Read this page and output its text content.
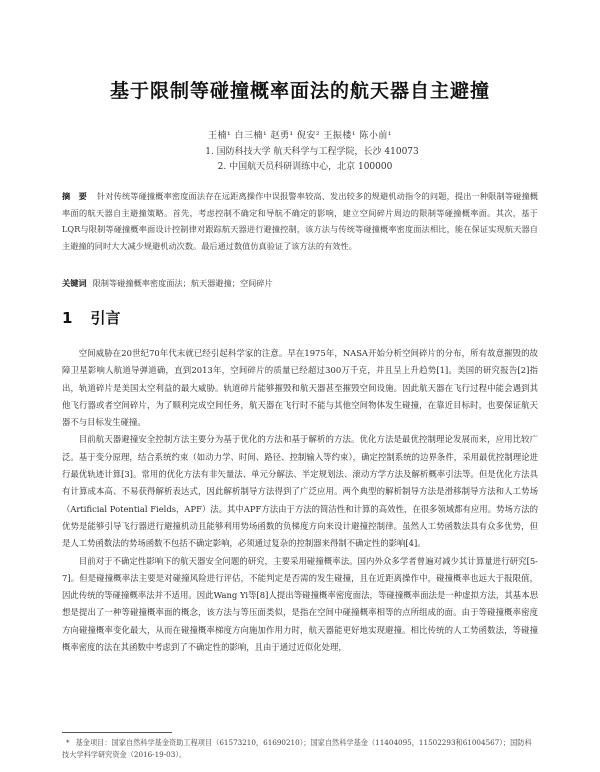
基于限制等碰撞概率面法的航天器自主避撞
王楠¹ 白三楠¹ 赵勇¹ 倪安² 王振楼¹ 陈小前¹
1. 国防科技大学 航天科学与工程学院，长沙 410073
2. 中国航天员科研训练中心，北京 100000
摘　要 针对传统等碰撞概率密度面法存在远距离操作中误报警率较高、发出较多的规避机动指令的问题，提出一种限制等碰撞概率面的航天器自主避撞策略。首先，考虑控制不确定和导航不确定的影响，建立空间碎片周边的限制等碰撞概率面。其次，基于LQR与限制等碰撞概率面设计控制律对跟踪航天器进行避撞控制，该方法与传统等碰撞概率密度面法相比，能在保证实现航天器自主避撞的同时大大减少规避机动次数。最后通过数值仿真验证了该方法的有效性。
关键词 限制等碰撞概率密度面法；航天器避撞；空间碎片
1 引言

空间威胁在20世纪70年代末就已经引起科学家的注意。早在1975年，NASA开始分析空间碎片的分布，所有故意摧毁的故障卫星影响人航道导弹道确，直到2013年，空间碎片的质量已经超过300万千克，并且呈上升趋势[1]。美国的研究报告[2]指出，轨道碎片是美国太空利益的最大威胁。轨道碎片能够摧毁和航天器甚至摧毁空间设施。因此航天器在飞行过程中能会遇到其他飞行器或者空间碎片，为了顺利完成空间任务，航天器在飞行时不能与其他空间物体发生碰撞，在靠近目标时，也要保证航天器不与目标发生碰撞。

目前航天器避撞安全控制方法主要分为基于优化的方法和基于解析的方法。优化方法是最优控制理论发展而来，应用比较广泛。基于变分原理，结合系统约束（如动力学、时间、路径、控制输入等约束），确定控制系统的边界条件，采用最优控制理论进行最优轨迹计算[3]。常用的优化方法有非矢量法、单元分解法、半定规划法、滚动方学方法及解析概率引法等。但是优化方法具有计算成本高、不易获得解析表达式，因此解析制导方法得到了广泛应用。两个典型的解析制导方法是滑移制导方法和人工势场（Artificial Potential Fields，APF）法。其中APF方法由于方法的简洁性和计算的高效性，在很多领域都有应用。势场方法的优势是能够引导飞行器进行避撞机动且能够利用势场函数的负梯度方向来设计避撞控制律。虽然人工势函数法具有众多优势，但是人工势函数法的势场函数不包括不确定影响，必须通过复杂的控制器来得制不确定性的影响[4]。

目前对于不确定性影响下的航天器安全问题的研究，主要采用碰撞概率法。国内外众多学者曾遍对减少其计算量进行研究[5-7]。但是碰撞概率法主要是对碰撞风险进行评估，不能判定是否需的发生碰撞，且在近距离操作中，碰撞概率也远大于报限值，因此传统的等碰撞概率法并不适用。因此Wang Yi等[8]人提出等碰撞概率密度面法，等碰撞概率面法是一种虚拟方法，其基本思想是提出了一种等碰撞概率面的概念，该方法与等压面类似，是指在空间中碰撞概率相等的点所组成的面。由于等碰撞概率密度方向碰撞概率变化最大，从而在碰撞概率梯度方向施加作用力时，航天器能更好地实现避撞。相比传统的人工势函数法，等碰撞概率密度的法在其函数中考虑到了不确定性的影响，且由于通过近似化处理，

* 基金项目：国家自然科学基金资助工程项目（61573210，61690210）；国家自然科学基金（11404095，11502293和61004567）；国防科技大学科学研究资金（2016-19-03）。
